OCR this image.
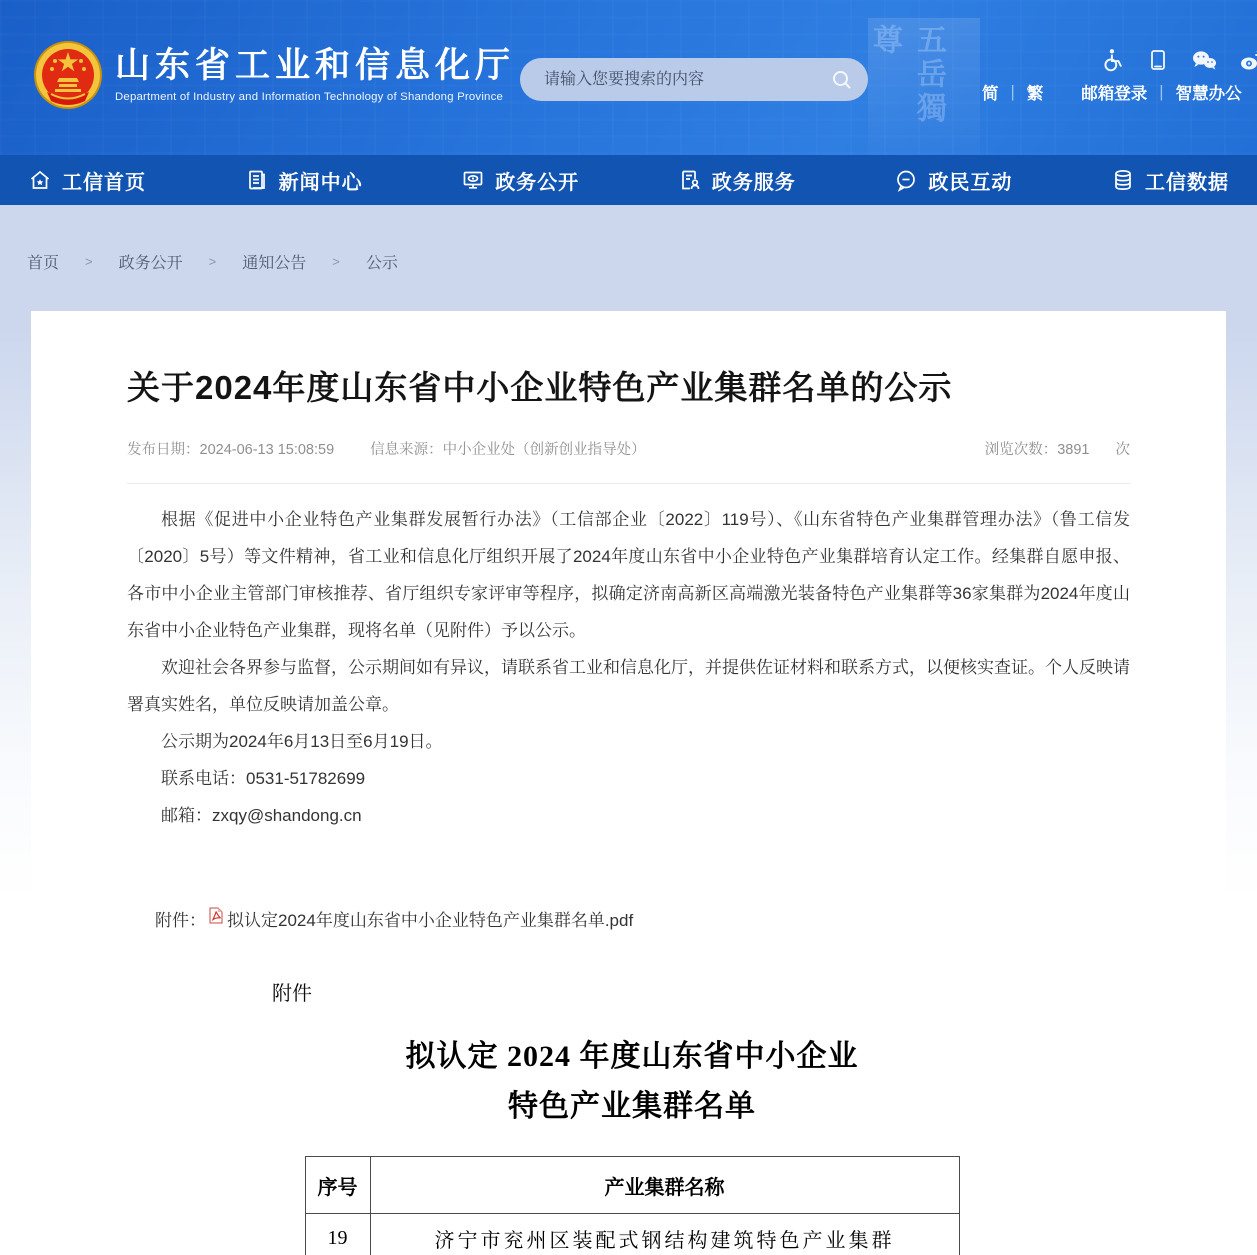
五岳獨尊
山东省工业和信息化厅
Department of Industry and Information Technology of Shandong Province
请输入您要搜索的内容	简 | 繁 邮箱登录 | 智慧办公
工信首页	新闻中心	政务公开	政务服务	政民互动	工信数据
首页 > 政务公开 > 通知公告 > 公示
关于2024年度山东省中小企业特色产业集群名单的公示
发布日期：2024-06-13 15:08:59 信息来源：中小企业处（创新创业指导处）	浏览次数：3891 次

根据《促进中小企业特色产业集群发展暂行办法》（工信部企业〔2022〕119号）、《山东省特色产业集群管理办法》（鲁工信发〔2020〕5号）等文件精神，省工业和信息化厅组织开展了2024年度山东省中小企业特色产业集群培育认定工作。经集群自愿申报、各市中小企业主管部门审核推荐、省厅组织专家评审等程序，拟确定济南高新区高端激光装备特色产业集群等36家集群为2024年度山东省中小企业特色产业集群，现将名单（见附件）予以公示。

欢迎社会各界参与监督，公示期间如有异议，请联系省工业和信息化厅，并提供佐证材料和联系方式，以便核实查证。个人反映请署真实姓名，单位反映请加盖公章。

公示期为2024年6月13日至6月19日。

联系电话：0531-51782699

邮箱：zxqy@shandong.cn

附件： 拟认定2024年度山东省中小企业特色产业集群名单.pdf
附件
拟认定 2024 年度山东省中小企业
特色产业集群名单
序号	产业集群名称
19	济宁市兖州区装配式钢结构建筑特色产业集群
